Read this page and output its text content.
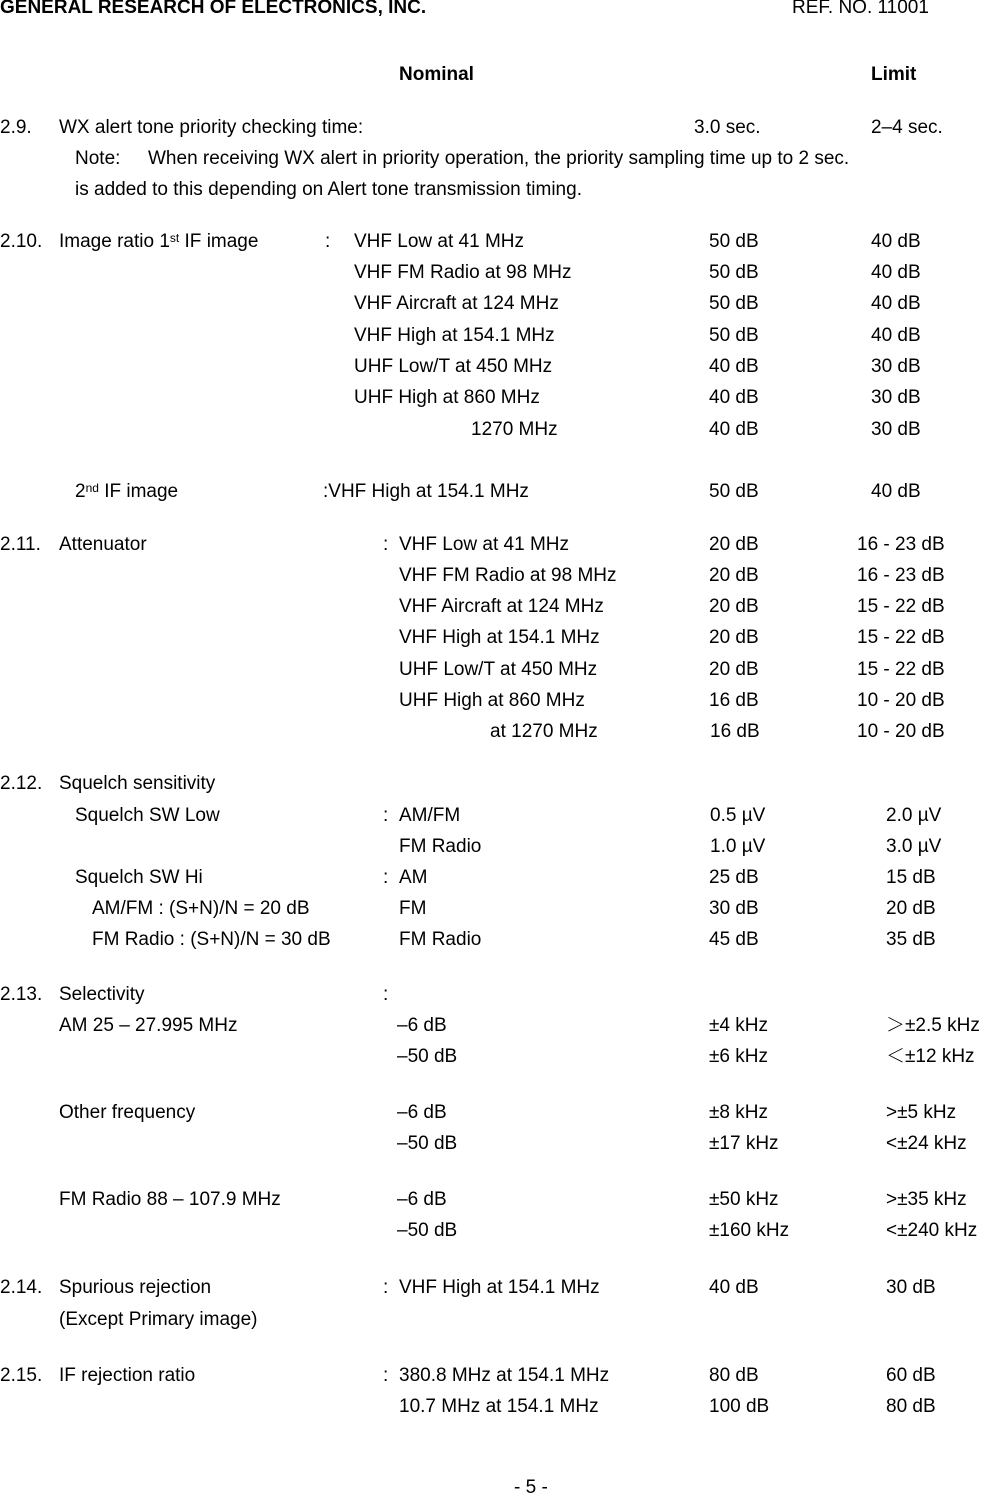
GENERAL RESEARCH OF ELECTRONICS, INC.	REF. NO. 11001
Nominal	Limit
2.9. WX alert tone priority checking time:	3.0 sec.	2–4 sec.
Note: When receiving WX alert in priority operation, the priority sampling time up to 2 sec.
is added to this depending on Alert tone transmission timing.
2.10. Image ratio 1st IF image	: VHF Low at 41 MHz	50 dB	40 dB
VHF FM Radio at 98 MHz	50 dB	40 dB
VHF Aircraft at 124 MHz	50 dB	40 dB
VHF High at 154.1 MHz	50 dB	40 dB
UHF Low/T at 450 MHz	40 dB	30 dB
UHF High at 860 MHz	40 dB	30 dB
1270 MHz	40 dB	30 dB
2nd IF image	:VHF High at 154.1 MHz	50 dB	40 dB
2.11. Attenuator	: VHF Low at 41 MHz	20 dB	16 - 23 dB
VHF FM Radio at 98 MHz	20 dB	16 - 23 dB
VHF Aircraft at 124 MHz	20 dB	15 - 22 dB
VHF High at 154.1 MHz	20 dB	15 - 22 dB
UHF Low/T at 450 MHz	20 dB	15 - 22 dB
UHF High at 860 MHz	16 dB	10 - 20 dB
at 1270 MHz	16 dB	10 - 20 dB
2.12. Squelch sensitivity
Squelch SW Low	: AM/FM	0.5 µV	2.0 µV
FM Radio	1.0 µV	3.0 µV
Squelch SW Hi	: AM	25 dB	15 dB
AM/FM : (S+N)/N = 20 dB	FM	30 dB	20 dB
FM Radio : (S+N)/N = 30 dB	FM Radio	45 dB	35 dB
2.13. Selectivity	:
AM 25 – 27.995 MHz	–6 dB	±4 kHz	＞±2.5 kHz
–50 dB	±6 kHz	＜±12 kHz
Other frequency	–6 dB	±8 kHz	>±5 kHz
–50 dB	±17 kHz	<±24 kHz
FM Radio 88 – 107.9 MHz	–6 dB	±50 kHz	>±35 kHz
–50 dB	±160 kHz	<±240 kHz
2.14. Spurious rejection	: VHF High at 154.1 MHz	40 dB	30 dB
(Except Primary image)
2.15. IF rejection ratio	: 380.8 MHz at 154.1 MHz	80 dB	60 dB
10.7 MHz at 154.1 MHz	100 dB	80 dB
- 5 -
